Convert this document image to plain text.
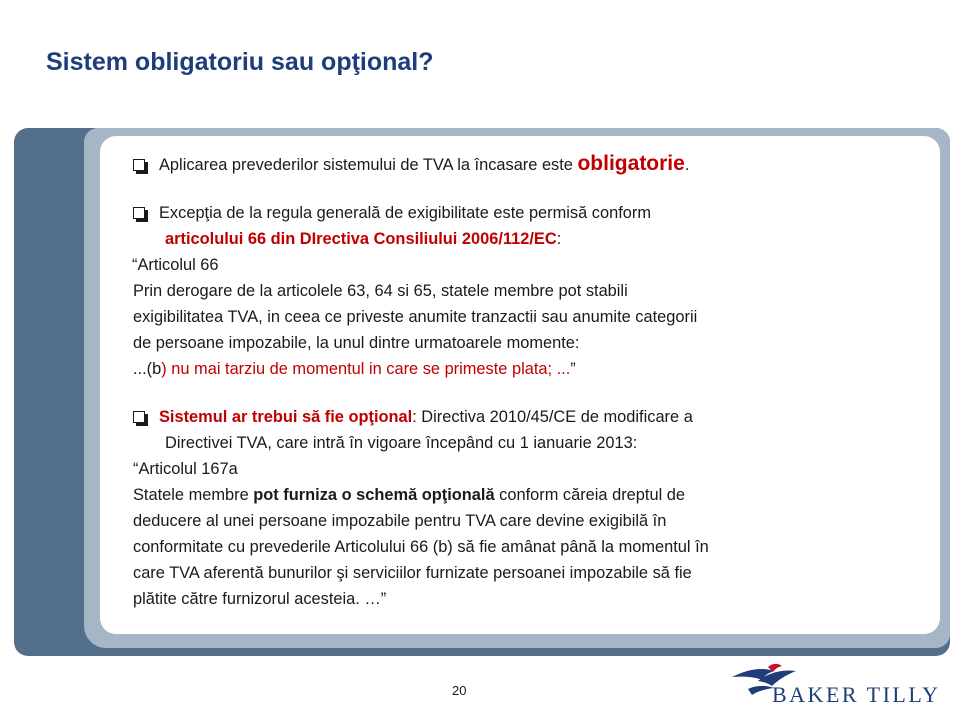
Sistem obligatoriu sau opţional?
Aplicarea prevederilor sistemului de TVA la încasare este obligatorie.
Excepţia de la regula generală de exigibilitate este permisă conform
articolului 66 din DIrectiva Consiliului 2006/112/EC:
“Articolul 66
Prin derogare de la articolele 63, 64 si 65, statele membre pot stabili
exigibilitatea TVA, in ceea ce priveste anumite tranzactii sau anumite categorii
de persoane impozabile, la unul dintre urmatoarele momente:
...(b) nu mai tarziu de momentul in care se primeste plata; ...”
Sistemul ar trebui să fie opţional: Directiva 2010/45/CE de modificare a
Directivei TVA, care intră în vigoare începând cu 1 ianuarie 2013:
“Articolul 167a
Statele membre pot furniza o schemă opţională conform căreia dreptul de
deducere al unei persoane impozabile pentru TVA care devine exigibilă în
conformitate cu prevederile Articolului 66 (b) să fie amânat până la momentul în
care TVA aferentă bunurilor şi serviciilor furnizate persoanei impozabile să fie
plătite către furnizorul acesteia. …”
20	BAKER TILLY
